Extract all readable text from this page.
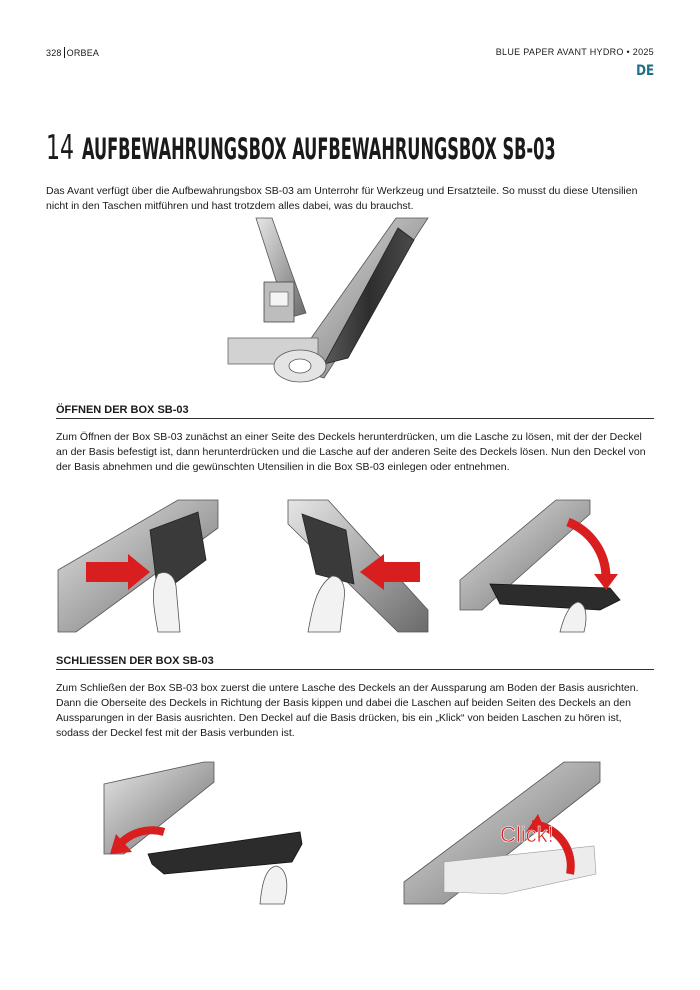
328 ORBEA	BLUE PAPER AVANT HYDRO • 2025
DE
14 AUFBEWAHRUNGSBOX AUFBEWAHRUNGSBOX SB-03
Das Avant verfügt über die Aufbewahrungsbox SB-03 am Unterrohr für Werkzeug und Ersatzteile. So musst du diese Utensilien nicht in den Taschen mitführen und hast trotzdem alles dabei, was du brauchst.
ÖFFNEN DER BOX SB-03
Zum Öffnen der Box SB-03 zunächst an einer Seite des Deckels herunterdrücken, um die Lasche zu lösen, mit der der Deckel an der Basis befestigt ist, dann herunterdrücken und die Lasche auf der anderen Seite des Deckels lösen. Nun den Deckel von der Basis abnehmen und die gewünschten Utensilien in die Box SB-03 einlegen oder entnehmen.
SCHLIESSEN DER BOX SB-03
Zum Schließen der Box SB-03 box zuerst die untere Lasche des Deckels an der Aussparung am Boden der Basis ausrichten. Dann die Oberseite des Deckels in Richtung der Basis kippen und dabei die Laschen auf beiden Seiten des Deckels an den Aussparungen in der Basis ausrichten. Den Deckel auf die Basis drücken, bis ein „Klick“ von beiden Laschen zu hören ist, sodass der Deckel fest mit der Basis verbunden ist.
Click!
